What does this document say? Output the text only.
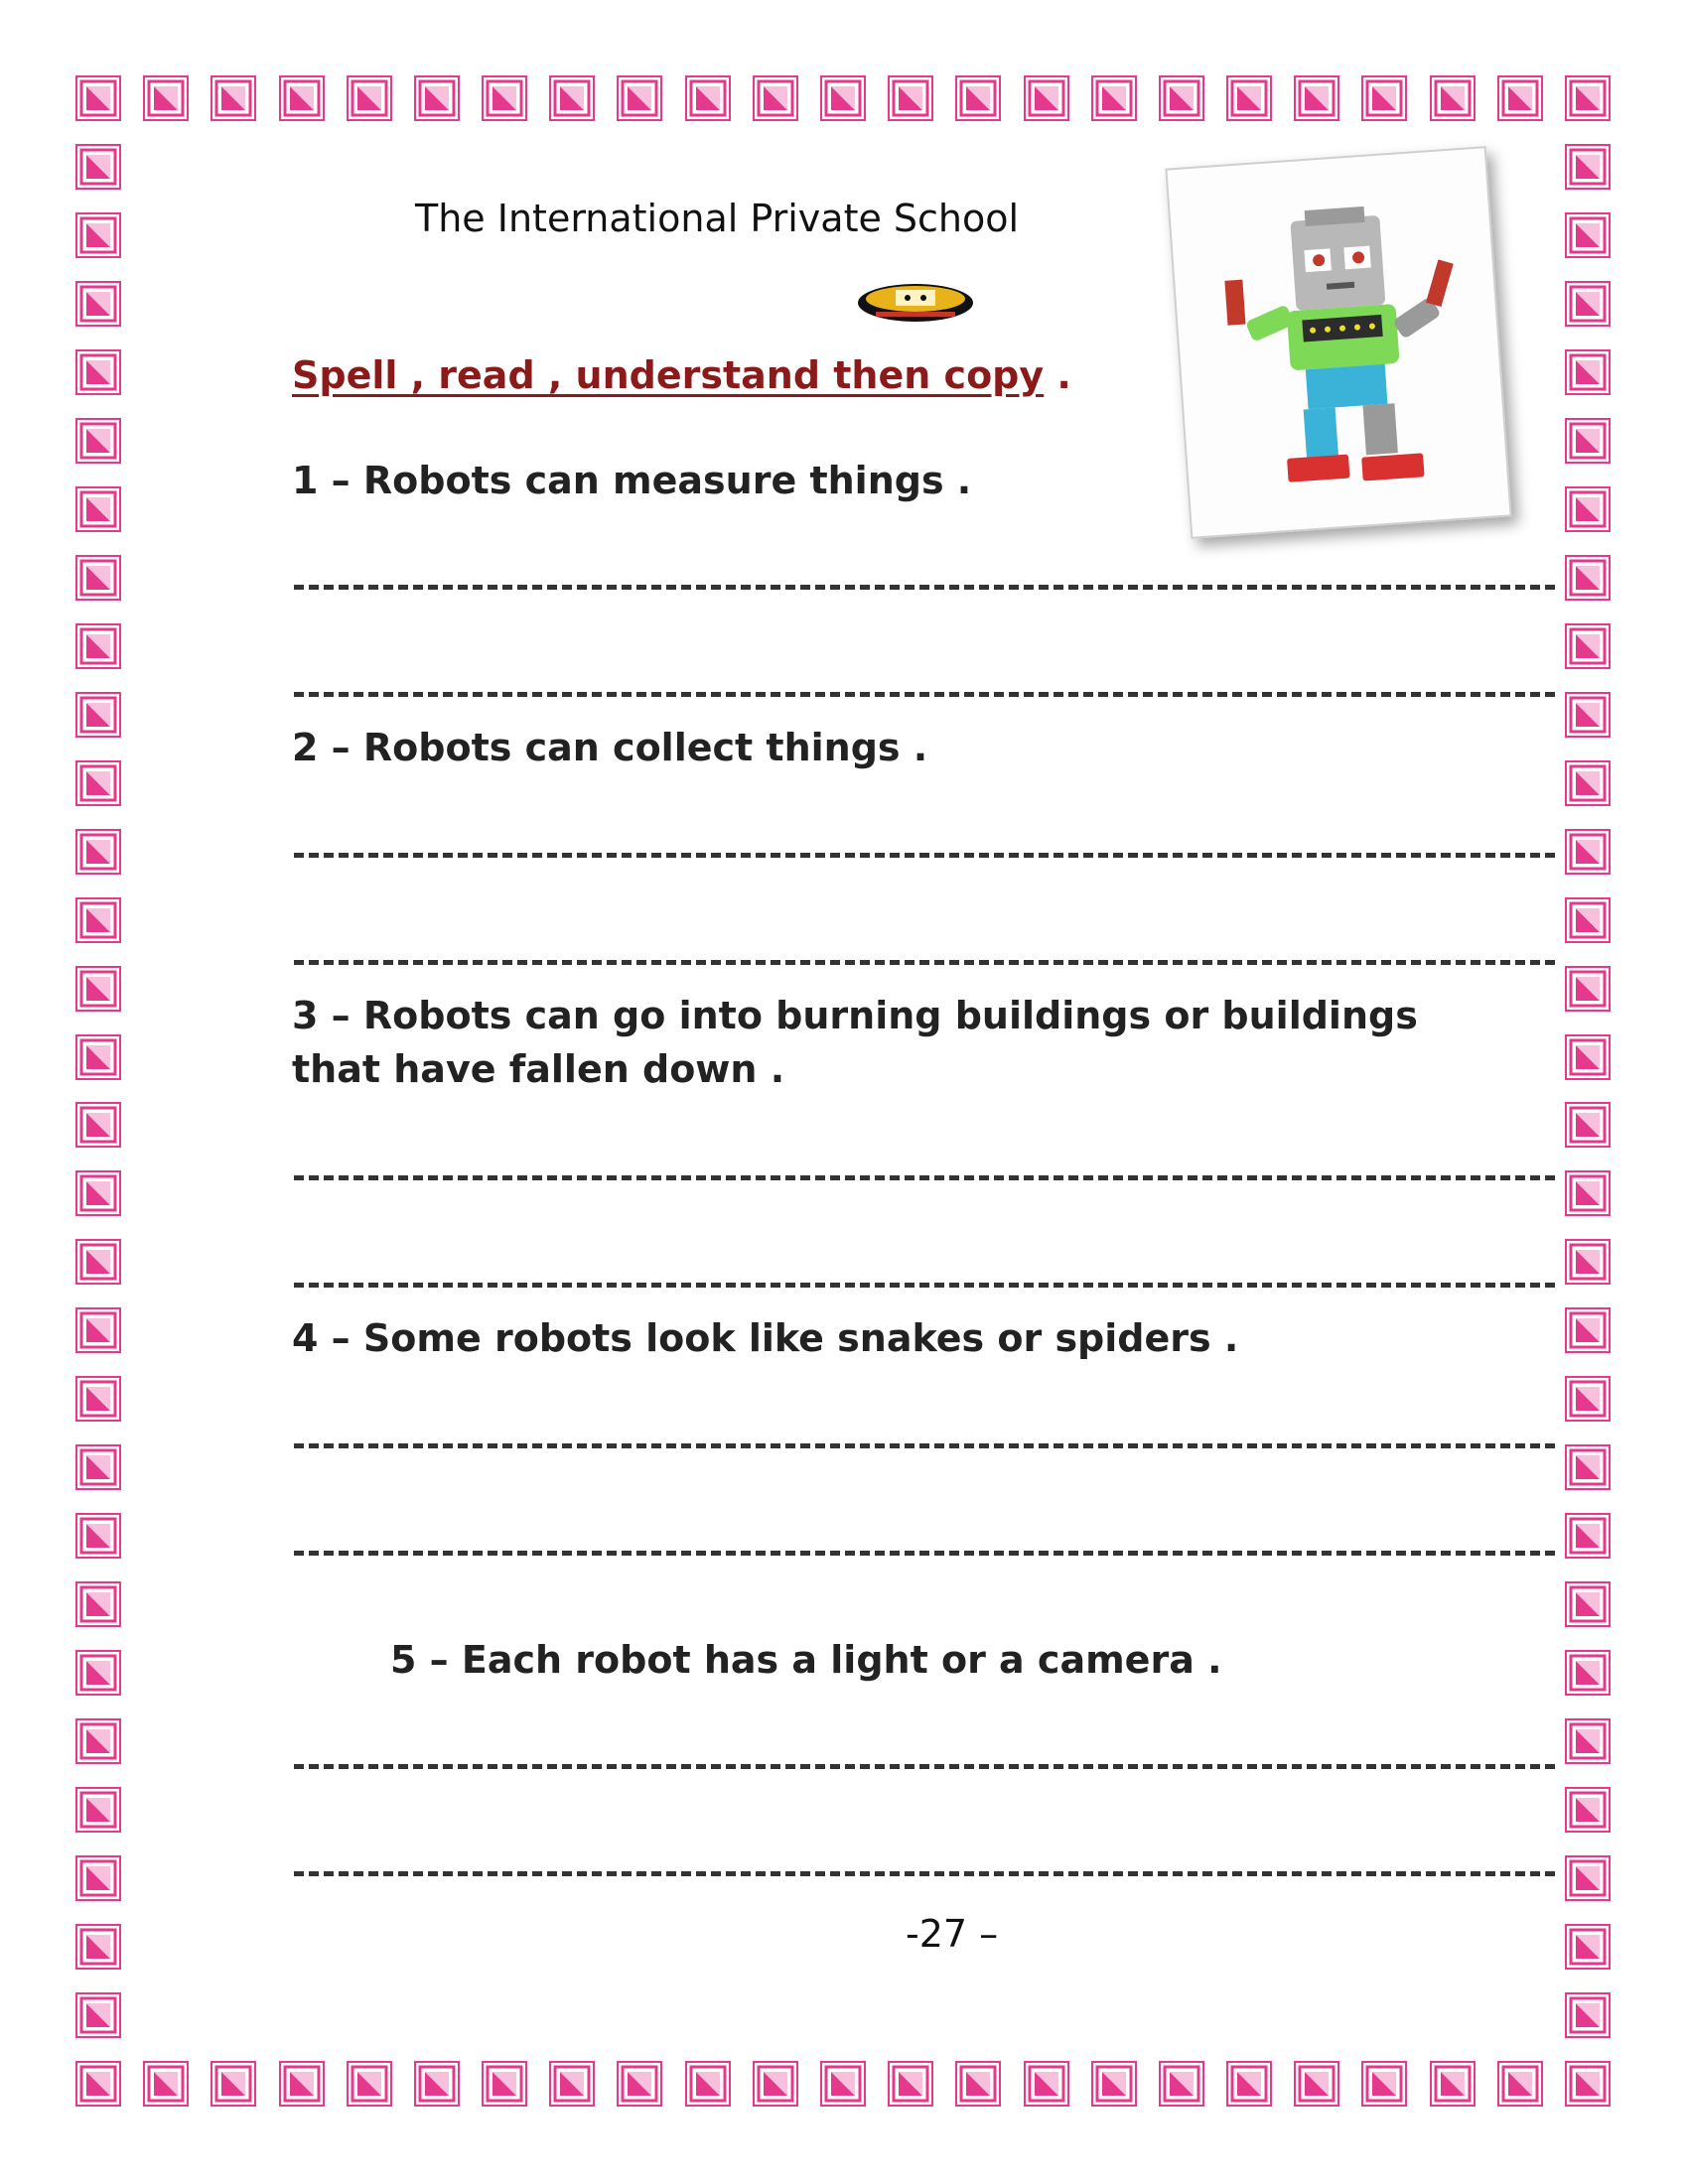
The International Private School
Spell , read , understand then copy .
1 – Robots can measure things .
2 – Robots can collect things .
3 – Robots can go into burning buildings or buildings that have fallen down .
4 – Some robots look like snakes or spiders .
5 – Each robot has a light or a camera .
-27 –
